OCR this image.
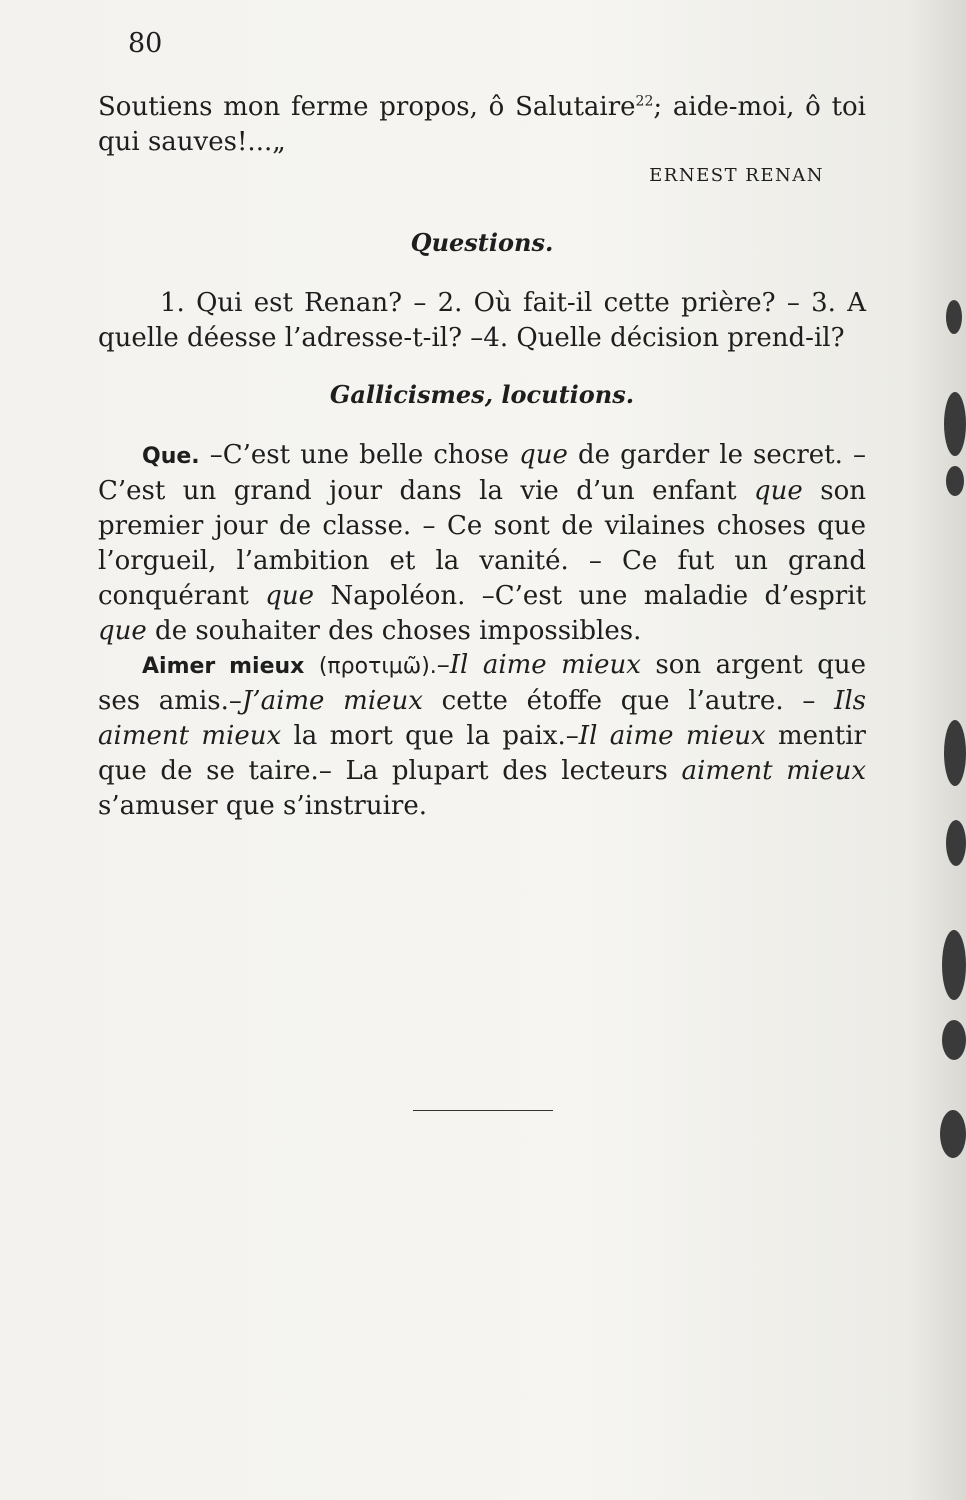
80
Soutiens mon ferme propos, ô Salutaire$^{22}$; aide-moi, ô toi qui sauves!...„
ERNEST RENAN
Questions.
1. Qui est Renan? – 2. Où fait-il cette prière? – 3. A quelle déesse l’adresse-t-il? –4. Quelle décision prend-il?
Gallicismes, locutions.
Que. –C’est une belle chose que de garder le secret. – C’est un grand jour dans la vie d’un enfant que son premier jour de classe. – Ce sont de vilaines choses que l’orgueil, l’ambition et la vanité. – Ce fut un grand conquérant que Napoléon. –C’est une maladie d’esprit que de souhaiter des choses impossibles.
Aimer mieux (προτιμῶ).–Il aime mieux son argent que ses amis.–J’aime mieux cette étoffe que l’autre. – Ils aiment mieux la mort que la paix.–Il aime mieux mentir que de se taire.– La plupart des lecteurs aiment mieux s’amuser que s’instruire.
